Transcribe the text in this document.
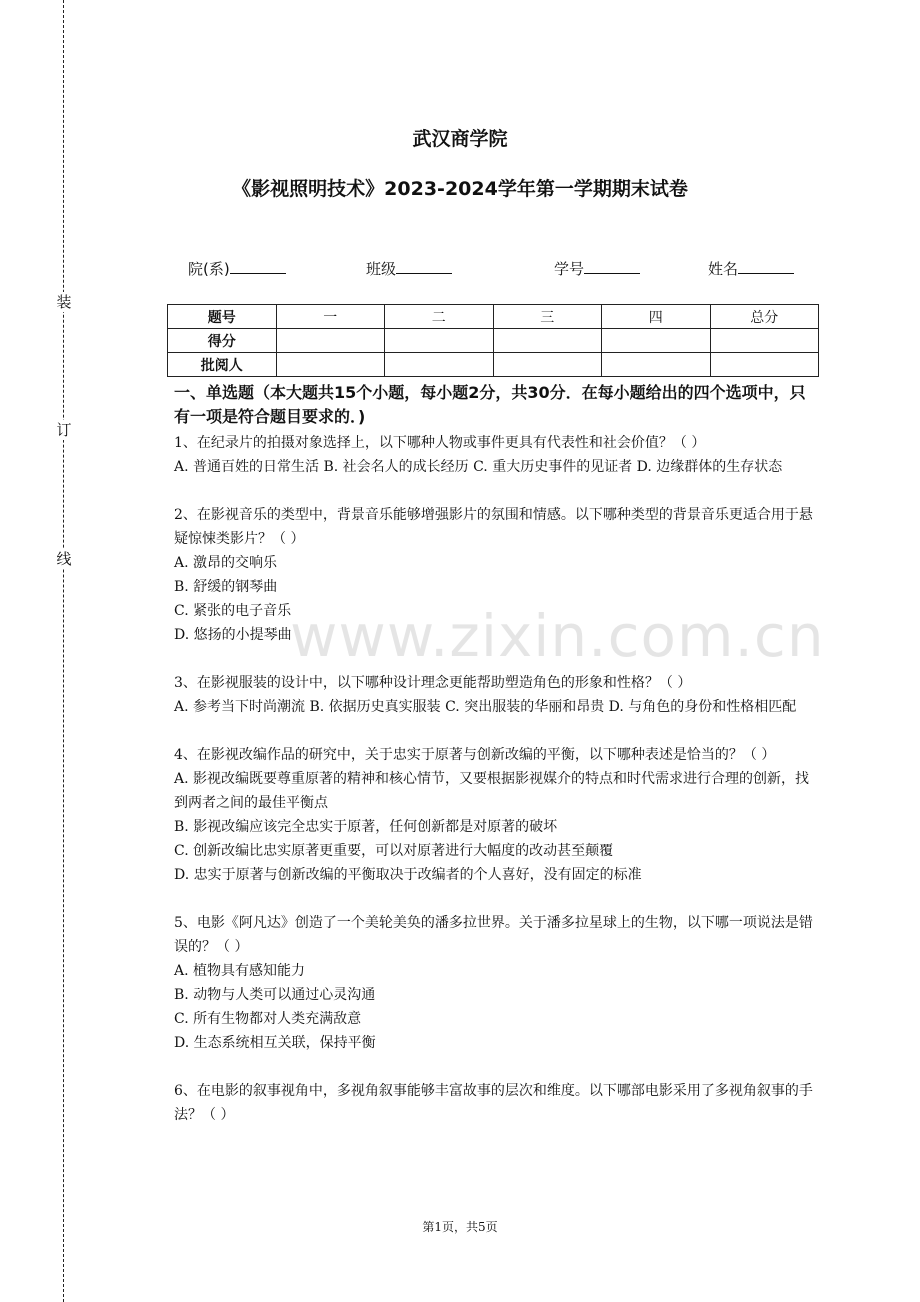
装
订
线
武汉商学院
《影视照明技术》2023-2024学年第一学期期末试卷
院(系)	班级	学号	姓名
题号	一	二	三	四	总分
得分					
批阅人					
一、单选题（本大题共15个小题，每小题2分，共30分．在每小题给出的四个选项中，只有一项是符合题目要求的．)
1、在纪录片的拍摄对象选择上，以下哪种人物或事件更具有代表性和社会价值？（ ）
A. 普通百姓的日常生活 B. 社会名人的成长经历 C. 重大历史事件的见证者 D. 边缘群体的生存状态
2、在影视音乐的类型中，背景音乐能够增强影片的氛围和情感。以下哪种类型的背景音乐更适合用于悬疑惊悚类影片？（ ）
A. 激昂的交响乐
B. 舒缓的钢琴曲
C. 紧张的电子音乐
D. 悠扬的小提琴曲
3、在影视服装的设计中，以下哪种设计理念更能帮助塑造角色的形象和性格？（ ）
A. 参考当下时尚潮流 B. 依据历史真实服装 C. 突出服装的华丽和昂贵 D. 与角色的身份和性格相匹配
4、在影视改编作品的研究中，关于忠实于原著与创新改编的平衡，以下哪种表述是恰当的？（ ）
A. 影视改编既要尊重原著的精神和核心情节，又要根据影视媒介的特点和时代需求进行合理的创新，找到两者之间的最佳平衡点
B. 影视改编应该完全忠实于原著，任何创新都是对原著的破坏
C. 创新改编比忠实原著更重要，可以对原著进行大幅度的改动甚至颠覆
D. 忠实于原著与创新改编的平衡取决于改编者的个人喜好，没有固定的标准
5、电影《阿凡达》创造了一个美轮美奂的潘多拉世界。关于潘多拉星球上的生物，以下哪一项说法是错误的？（ ）
A. 植物具有感知能力
B. 动物与人类可以通过心灵沟通
C. 所有生物都对人类充满敌意
D. 生态系统相互关联，保持平衡
6、在电影的叙事视角中，多视角叙事能够丰富故事的层次和维度。以下哪部电影采用了多视角叙事的手法？（ ）
www.zixin.com.cn
第1页，共5页
